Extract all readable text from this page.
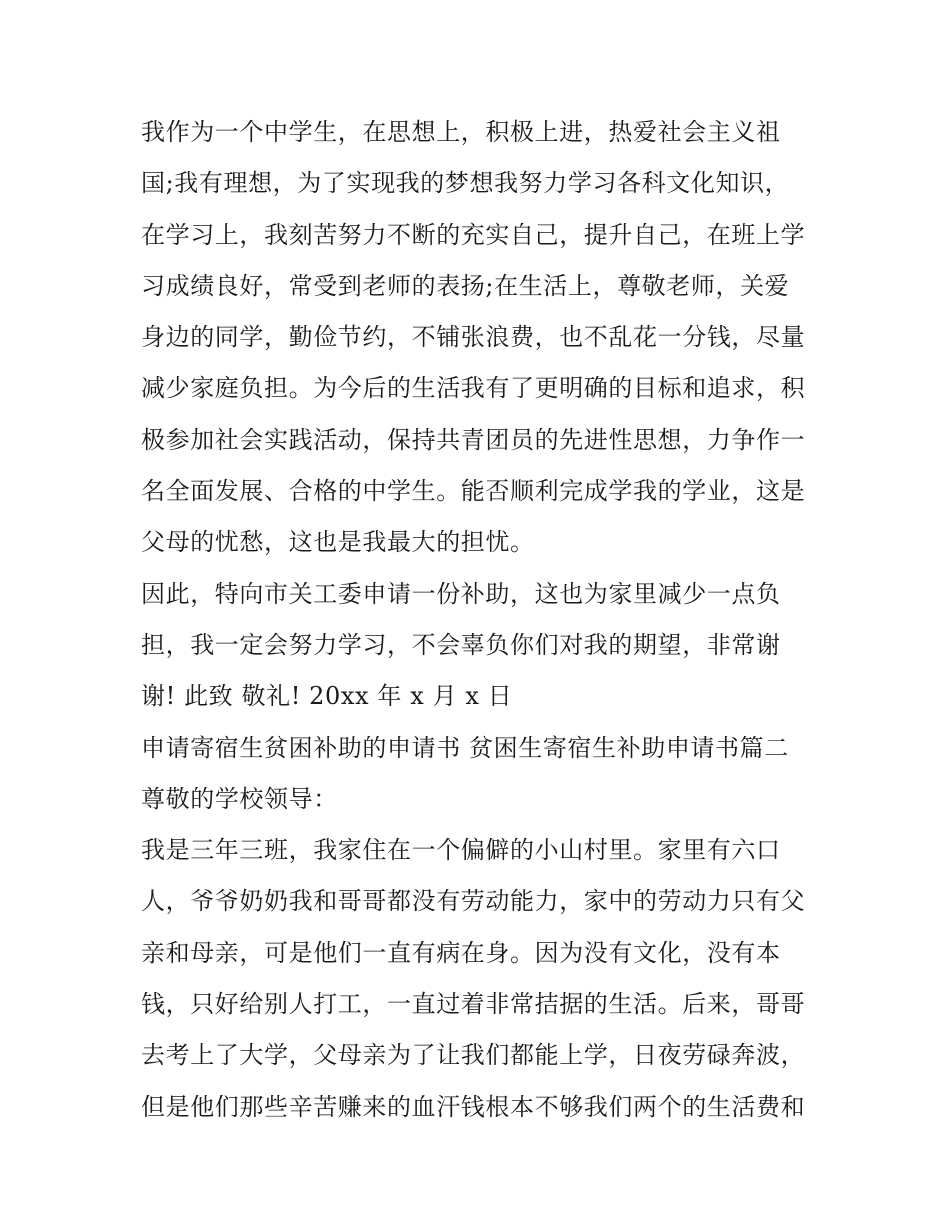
我作为一个中学生，在思想上，积极上进，热爱社会主义祖
国;我有理想，为了实现我的梦想我努力学习各科文化知识，
在学习上，我刻苦努力不断的充实自己，提升自己，在班上学
习成绩良好，常受到老师的表扬;在生活上，尊敬老师，关爱
身边的同学，勤俭节约，不铺张浪费，也不乱花一分钱，尽量
减少家庭负担。为今后的生活我有了更明确的目标和追求，积
极参加社会实践活动，保持共青团员的先进性思想，力争作一
名全面发展、合格的中学生。能否顺利完成学我的学业，这是
父母的忧愁，这也是我最大的担忧。
因此，特向市关工委申请一份补助，这也为家里减少一点负
担，我一定会努力学习，不会辜负你们对我的期望，非常谢
谢! 此致 敬礼! 20xx 年 x 月 x 日
申请寄宿生贫困补助的申请书 贫困生寄宿生补助申请书篇二
尊敬的学校领导：
我是三年三班，我家住在一个偏僻的小山村里。家里有六口
人，爷爷奶奶我和哥哥都没有劳动能力，家中的劳动力只有父
亲和母亲，可是他们一直有病在身。因为没有文化，没有本
钱，只好给别人打工，一直过着非常拮据的生活。后来，哥哥
去考上了大学，父母亲为了让我们都能上学，日夜劳碌奔波，
但是他们那些辛苦赚来的血汗钱根本不够我们两个的生活费和
